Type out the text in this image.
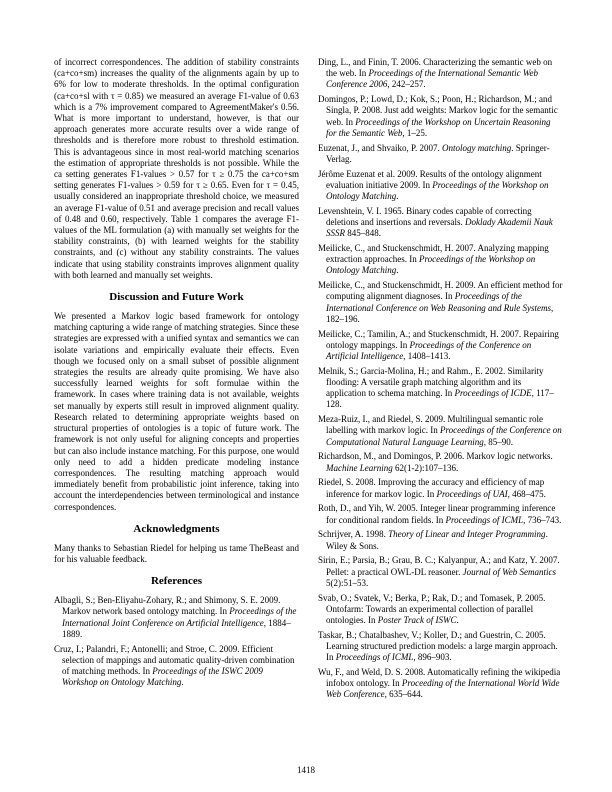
of incorrect correspondences. The addition of stability constraints (ca+co+sm) increases the quality of the alignments again by up to 6% for low to moderate thresholds. In the optimal configuration (ca+co+sl with τ = 0.85) we measured an average F1-value of 0.63 which is a 7% improvement compared to AgreementMaker's 0.56. What is more important to understand, however, is that our approach generates more accurate results over a wide range of thresholds and is therefore more robust to threshold estimation. This is advantageous since in most real-world matching scenarios the estimation of appropriate thresholds is not possible. While the ca setting generates F1-values > 0.57 for τ ≥ 0.75 the ca+co+sm setting generates F1-values > 0.59 for τ ≥ 0.65. Even for τ = 0.45, usually considered an inappropriate threshold choice, we measured an average F1-value of 0.51 and average precision and recall values of 0.48 and 0.60, respectively. Table 1 compares the average F1-values of the ML formulation (a) with manually set weights for the stability constraints, (b) with learned weights for the stability constraints, and (c) without any stability constraints. The values indicate that using stability constraints improves alignment quality with both learned and manually set weights.

Discussion and Future Work

We presented a Markov logic based framework for ontology matching capturing a wide range of matching strategies. Since these strategies are expressed with a unified syntax and semantics we can isolate variations and empirically evaluate their effects. Even though we focused only on a small subset of possible alignment strategies the results are already quite promising. We have also successfully learned weights for soft formulae within the framework. In cases where training data is not available, weights set manually by experts still result in improved alignment quality. Research related to determining appropriate weights based on structural properties of ontologies is a topic of future work. The framework is not only useful for aligning concepts and properties but can also include instance matching. For this purpose, one would only need to add a hidden predicate modeling instance correspondences. The resulting matching approach would immediately benefit from probabilistic joint inference, taking into account the interdependencies between terminological and instance correspondences.

Acknowledgments

Many thanks to Sebastian Riedel for helping us tame TheBeast and for his valuable feedback.

References

Albagli, S.; Ben-Eliyahu-Zohary, R.; and Shimony, S. E. 2009. Markov network based ontology matching. In Proceedings of the International Joint Conference on Artificial Intelligence, 1884–1889.

Cruz, I.; Palandri, F.; Antonelli; and Stroe, C. 2009. Efficient selection of mappings and automatic quality-driven combination of matching methods. In Proceedings of the ISWC 2009 Workshop on Ontology Matching.

Ding, L., and Finin, T. 2006. Characterizing the semantic web on the web. In Proceedings of the International Semantic Web Conference 2006, 242–257.

Domingos, P.; Lowd, D.; Kok, S.; Poon, H.; Richardson, M.; and Singla, P. 2008. Just add weights: Markov logic for the semantic web. In Proceedings of the Workshop on Uncertain Reasoning for the Semantic Web, 1–25.

Euzenat, J., and Shvaiko, P. 2007. Ontology matching. Springer-Verlag.

Jérôme Euzenat et al. 2009. Results of the ontology alignment evaluation initiative 2009. In Proceedings of the Workshop on Ontology Matching.

Levenshtein, V. I. 1965. Binary codes capable of correcting deletions and insertions and reversals. Doklady Akademii Nauk SSSR 845–848.

Meilicke, C., and Stuckenschmidt, H. 2007. Analyzing mapping extraction approaches. In Proceedings of the Workshop on Ontology Matching.

Meilicke, C., and Stuckenschmidt, H. 2009. An efficient method for computing alignment diagnoses. In Proceedings of the International Conference on Web Reasoning and Rule Systems, 182–196.

Meilicke, C.; Tamilin, A.; and Stuckenschmidt, H. 2007. Repairing ontology mappings. In Proceedings of the Conference on Artificial Intelligence, 1408–1413.

Melnik, S.; Garcia-Molina, H.; and Rahm., E. 2002. Similarity flooding: A versatile graph matching algorithm and its application to schema matching. In Proceedings of ICDE, 117–128.

Meza-Ruiz, I., and Riedel, S. 2009. Multilingual semantic role labelling with markov logic. In Proceedings of the Conference on Computational Natural Language Learning, 85–90.

Richardson, M., and Domingos, P. 2006. Markov logic networks. Machine Learning 62(1-2):107–136.

Riedel, S. 2008. Improving the accuracy and efficiency of map inference for markov logic. In Proceedings of UAI, 468–475.

Roth, D., and Yih, W. 2005. Integer linear programming inference for conditional random fields. In Proceedings of ICML, 736–743.

Schrijver, A. 1998. Theory of Linear and Integer Programming. Wiley & Sons.

Sirin, E.; Parsia, B.; Grau, B. C.; Kalyanpur, A.; and Katz, Y. 2007. Pellet: a practical OWL-DL reasoner. Journal of Web Semantics 5(2):51–53.

Svab, O.; Svatek, V.; Berka, P.; Rak, D.; and Tomasek, P. 2005. Ontofarm: Towards an experimental collection of parallel ontologies. In Poster Track of ISWC.

Taskar, B.; Chatalbashev, V.; Koller, D.; and Guestrin, C. 2005. Learning structured prediction models: a large margin approach. In Proceedings of ICML, 896–903.

Wu, F., and Weld, D. S. 2008. Automatically refining the wikipedia infobox ontology. In Proceeding of the International World Wide Web Conference, 635–644.

1418
